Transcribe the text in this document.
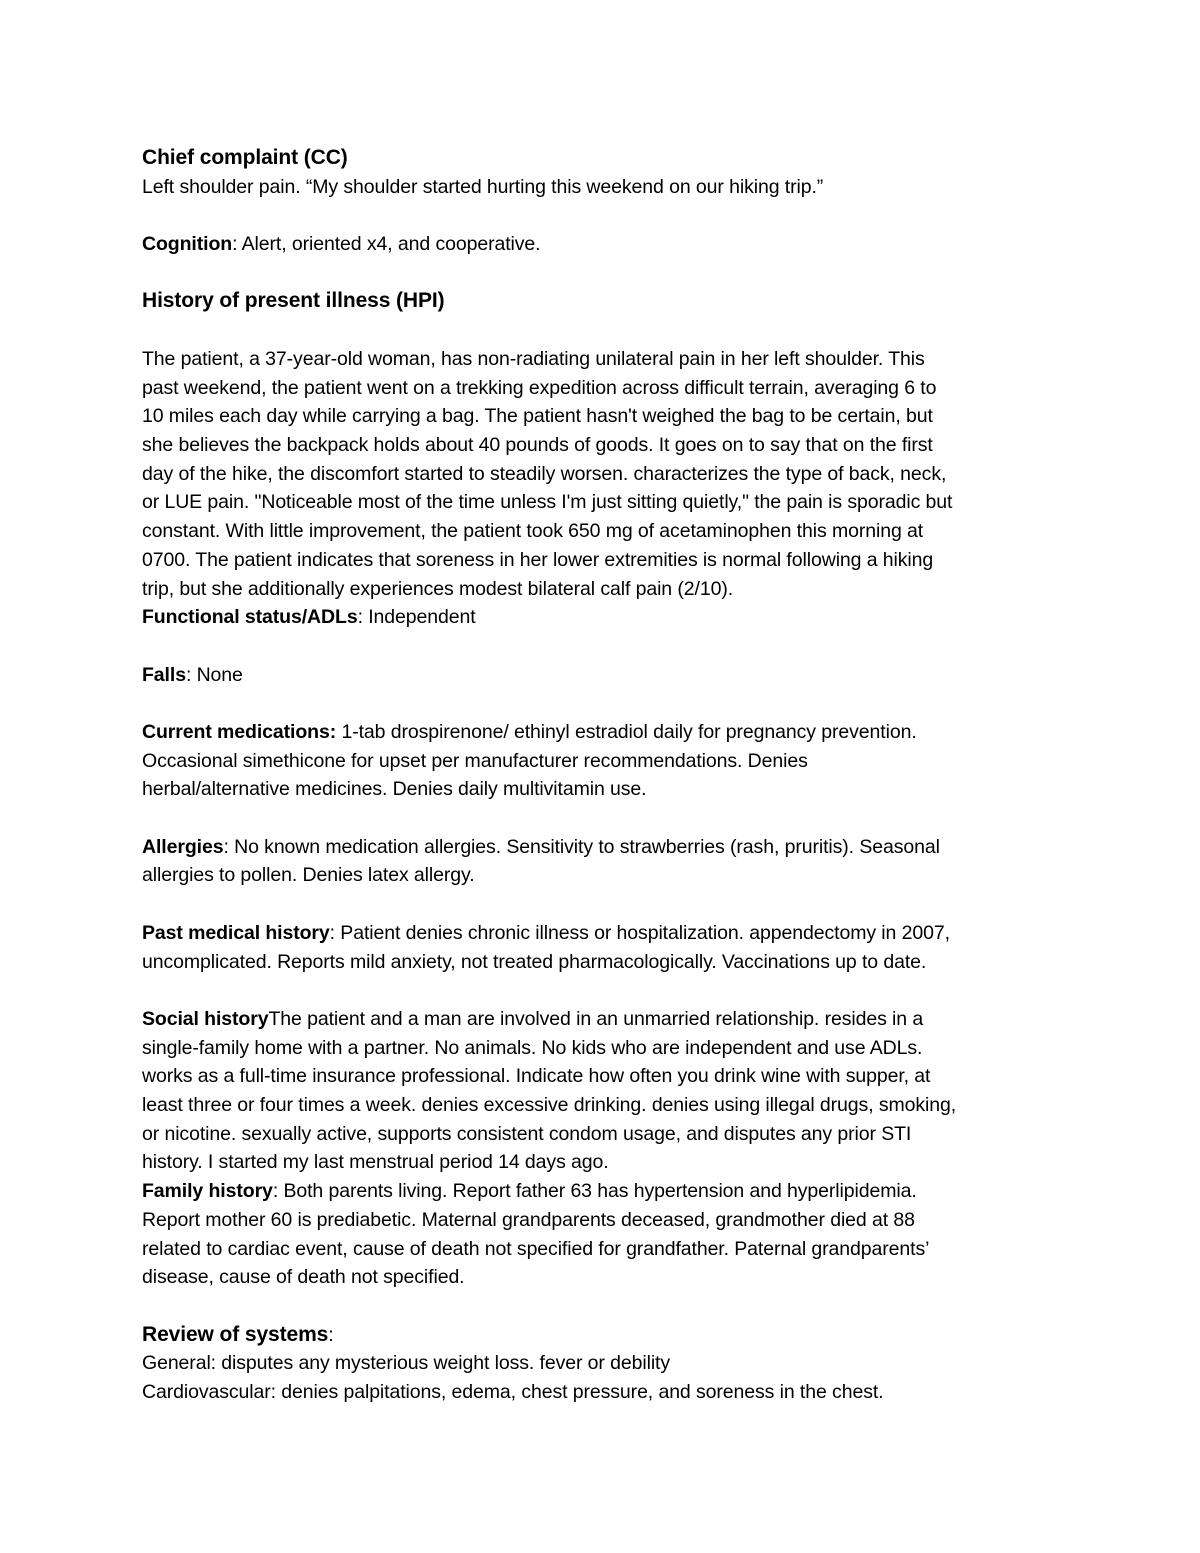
Chief complaint (CC)
Left shoulder pain. “My shoulder started hurting this weekend on our hiking trip.”
Cognition: Alert, oriented x4, and cooperative.
History of present illness (HPI)
The patient, a 37-year-old woman, has non-radiating unilateral pain in her left shoulder. This
past weekend, the patient went on a trekking expedition across difficult terrain, averaging 6 to
10 miles each day while carrying a bag. The patient hasn't weighed the bag to be certain, but
she believes the backpack holds about 40 pounds of goods. It goes on to say that on the first
day of the hike, the discomfort started to steadily worsen. characterizes the type of back, neck,
or LUE pain. "Noticeable most of the time unless I'm just sitting quietly," the pain is sporadic but
constant. With little improvement, the patient took 650 mg of acetaminophen this morning at
0700. The patient indicates that soreness in her lower extremities is normal following a hiking
trip, but she additionally experiences modest bilateral calf pain (2/10).
Functional status/ADLs: Independent
Falls: None
Current medications: 1-tab drospirenone/ ethinyl estradiol daily for pregnancy prevention.
Occasional simethicone for upset per manufacturer recommendations. Denies
herbal/alternative medicines. Denies daily multivitamin use.
Allergies: No known medication allergies. Sensitivity to strawberries (rash, pruritis). Seasonal
allergies to pollen. Denies latex allergy.
Past medical history: Patient denies chronic illness or hospitalization. appendectomy in 2007,
uncomplicated. Reports mild anxiety, not treated pharmacologically. Vaccinations up to date.
Social historyThe patient and a man are involved in an unmarried relationship. resides in a
single-family home with a partner. No animals. No kids who are independent and use ADLs.
works as a full-time insurance professional. Indicate how often you drink wine with supper, at
least three or four times a week. denies excessive drinking. denies using illegal drugs, smoking,
or nicotine. sexually active, supports consistent condom usage, and disputes any prior STI
history. I started my last menstrual period 14 days ago.
Family history: Both parents living. Report father 63 has hypertension and hyperlipidemia.
Report mother 60 is prediabetic. Maternal grandparents deceased, grandmother died at 88
related to cardiac event, cause of death not specified for grandfather. Paternal grandparents’
disease, cause of death not specified.
Review of systems:
General: disputes any mysterious weight loss. fever or debility
Cardiovascular: denies palpitations, edema, chest pressure, and soreness in the chest.
